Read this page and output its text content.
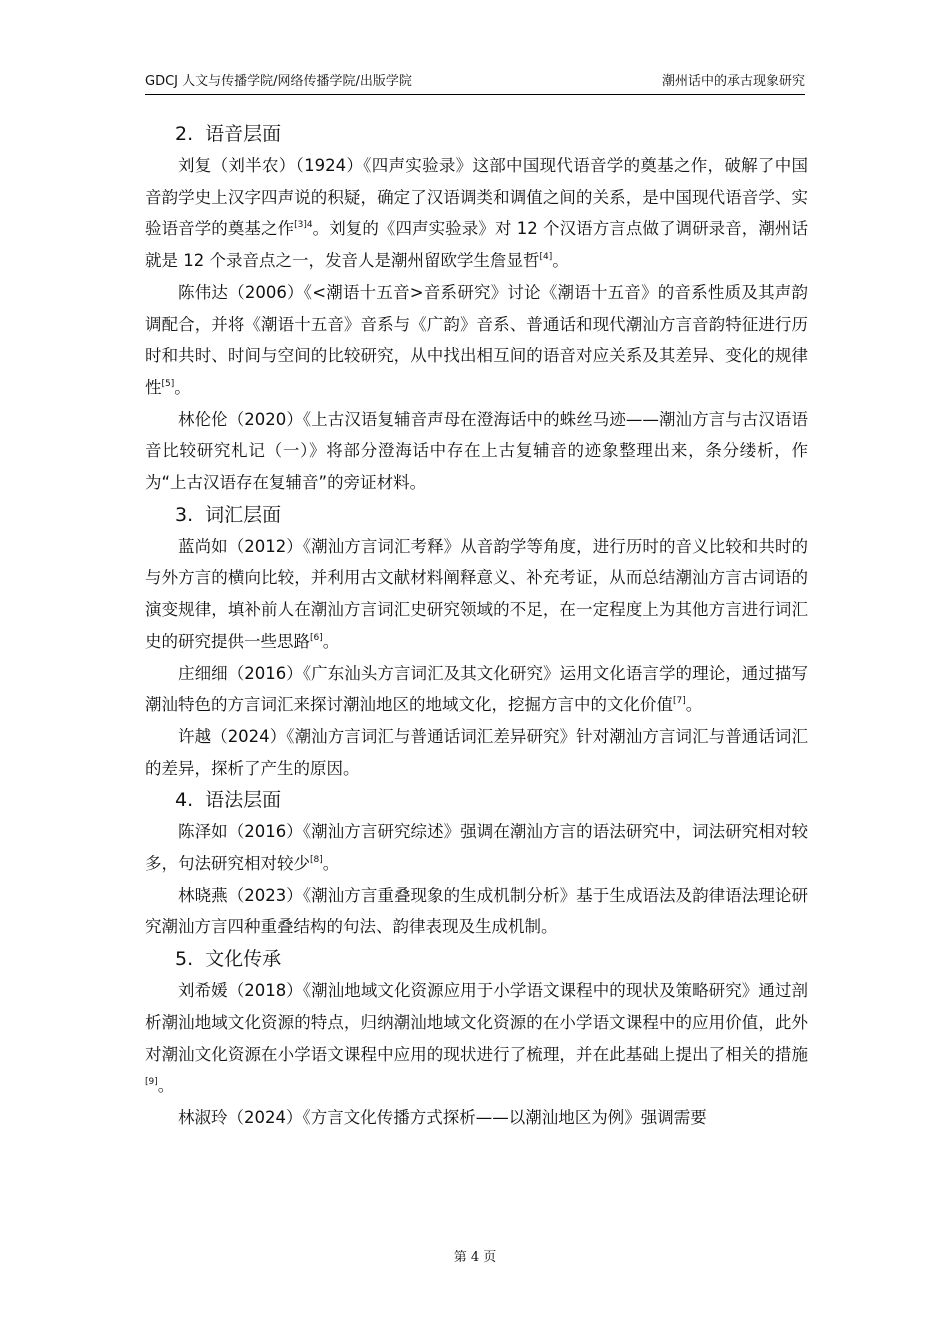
GDCJ 人文与传播学院/网络传播学院/出版学院	潮州话中的承古现象研究
2. 语音层面

刘复（刘半农）（1924）《四声实验录》这部中国现代语音学的奠基之作，破解了中国音韵学史上汉字四声说的积疑，确定了汉语调类和调值之间的关系，是中国现代语音学、实验语音学的奠基之作$^{[3]4}$。刘复的《四声实验录》对 12 个汉语方言点做了调研录音，潮州话就是 12 个录音点之一，发音人是潮州留欧学生詹显哲[4]。

陈伟达（2006）《<潮语十五音>音系研究》讨论《潮语十五音》的音系性质及其声韵调配合，并将《潮语十五音》音系与《广韵》音系、普通话和现代潮汕方言音韵特征进行历时和共时、时间与空间的比较研究，从中找出相互间的语音对应关系及其差异、变化的规律性[5]。

林伦伦（2020）《上古汉语复辅音声母在澄海话中的蛛丝马迹——潮汕方言与古汉语语音比较研究札记（一）》将部分澄海话中存在上古复辅音的迹象整理出来，条分缕析，作为“上古汉语存在复辅音”的旁证材料。

3. 词汇层面

蓝尚如（2012）《潮汕方言词汇考释》从音韵学等角度，进行历时的音义比较和共时的与外方言的横向比较，并利用古文献材料阐释意义、补充考证，从而总结潮汕方言古词语的演变规律，填补前人在潮汕方言词汇史研究领域的不足，在一定程度上为其他方言进行词汇史的研究提供一些思路[6]。

庄细细（2016）《广东汕头方言词汇及其文化研究》运用文化语言学的理论，通过描写潮汕特色的方言词汇来探讨潮汕地区的地域文化，挖掘方言中的文化价值[7]。

许越（2024）《潮汕方言词汇与普通话词汇差异研究》针对潮汕方言词汇与普通话词汇的差异，探析了产生的原因。

4. 语法层面

陈泽如（2016）《潮汕方言研究综述》强调在潮汕方言的语法研究中，词法研究相对较多，句法研究相对较少[8]。

林晓燕（2023）《潮汕方言重叠现象的生成机制分析》基于生成语法及韵律语法理论研究潮汕方言四种重叠结构的句法、韵律表现及生成机制。

5. 文化传承

刘希媛（2018）《潮汕地域文化资源应用于小学语文课程中的现状及策略研究》通过剖析潮汕地域文化资源的特点，归纳潮汕地域文化资源的在小学语文课程中的应用价值，此外对潮汕文化资源在小学语文课程中应用的现状进行了梳理，并在此基础上提出了相关的措施[9]。

林淑玲（2024）《方言文化传播方式探析——以潮汕地区为例》强调需要

第 4 页
